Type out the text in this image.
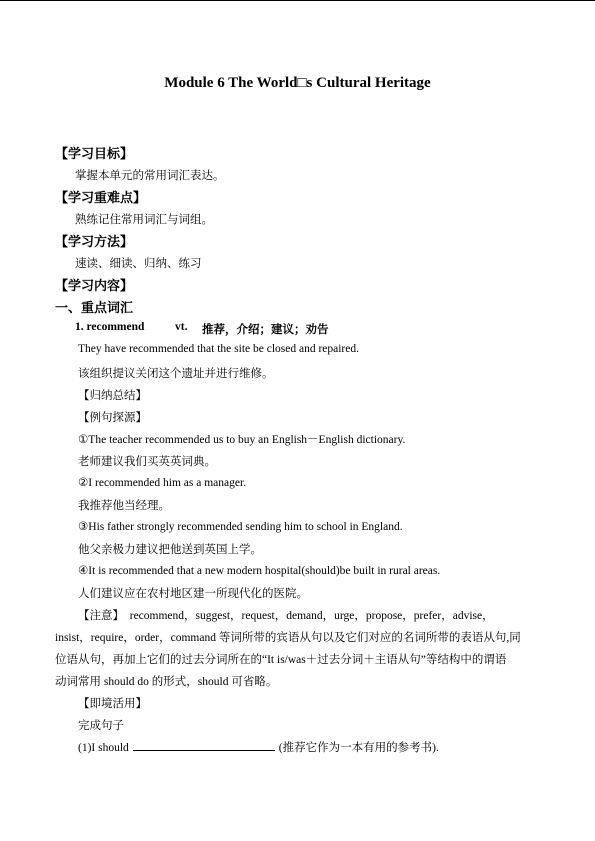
Module 6 The World□s Cultural Heritage
【学习目标】
掌握本单元的常用词汇表达。
【学习重难点】
熟练记住常用词汇与词组。
【学习方法】
速读、细读、归纳、练习
【学习内容】
一、重点词汇
1. recommend	vt. 推荐，介绍；建议；劝告
They have recommended that the site be closed and repaired.
该组织提议关闭这个遗址并进行维修。
【归纳总结】
【例句探源】
①The teacher recommended us to buy an English－English dictionary.
老师建议我们买英英词典。
②I recommended him as a manager.
我推荐他当经理。
③His father strongly recommended sending him to school in England.
他父亲极力建议把他送到英国上学。
④It is recommended that a new modern hospital(should)be built in rural areas.
人们建议应在农村地区建一所现代化的医院。
【注意】　recommend，suggest，request，demand，urge，propose，prefer，advise，
insist，require，order，command 等词所带的宾语从句以及它们对应的名词所带的表语从句,同
位语从句，再加上它们的过去分词所在的“It is/was＋过去分词＋主语从句”等结构中的谓语
动词常用 should do 的形式，should 可省略。
【即境活用】
完成句子
(1)I should	(推荐它作为一本有用的参考书).
